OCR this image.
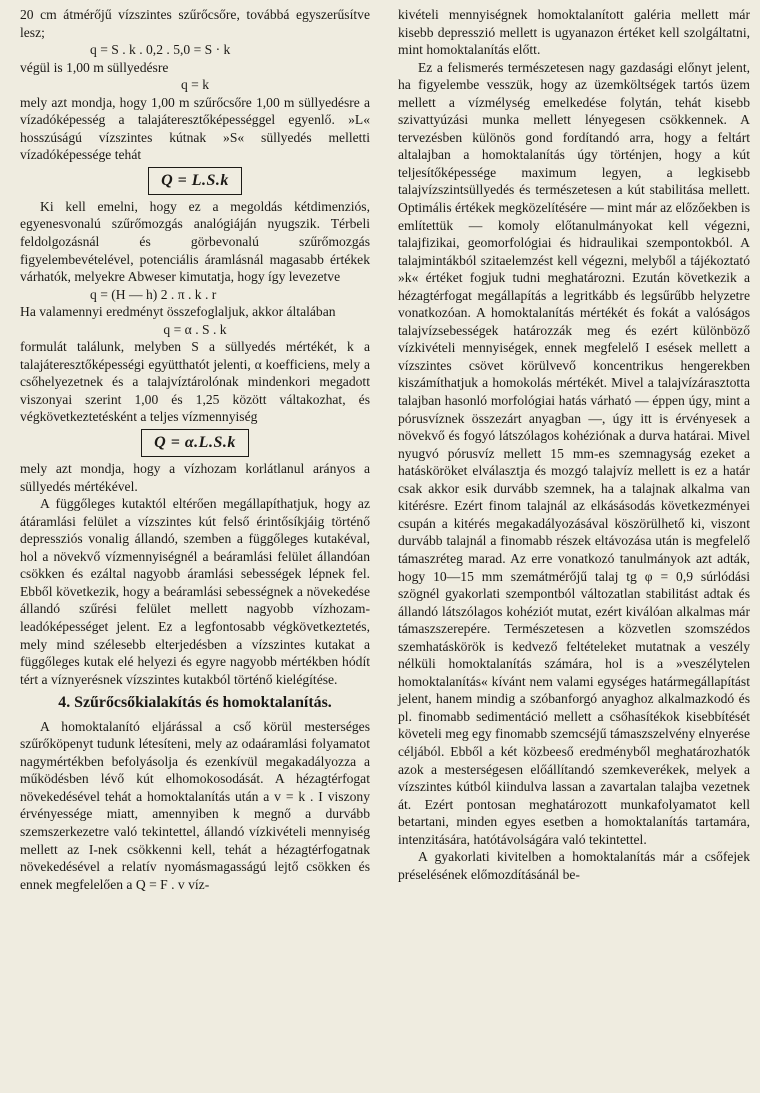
20 cm átmérőjű vízszintes szűrőcsőre, továbbá egyszerűsítve lesz;

q = S . k . 0,2 . 5,0 = S · k

végül is 1,00 m süllyedésre

q = k

mely azt mondja, hogy 1,00 m szűrőcsőre 1,00 m süllyedésre a vízadóképesség a talajáteresztőképességgel egyenlő. »L« hosszúságú vízszintes kútnak »S« süllyedés melletti vízadóképessége tehát

Q = L.S.k

Ki kell emelni, hogy ez a megoldás kétdimenziós, egyenesvonalú szűrőmozgás analógiáján nyugszik. Térbeli feldolgozásnál és görbevonalú szűrőmozgás figyelembevételével, potenciális áramlásnál magasabb értékek várhatók, melyekre Abweser kimutatja, hogy így levezetve

q = (H — h) 2 . π . k . r

Ha valamennyi eredményt összefoglaljuk, akkor általában

q = α . S . k

formulát találunk, melyben S a süllyedés mértékét, k a talajáteresztőképességi együtthatót jelenti, α koefficiens, mely a csőhelyezetnek és a talajvíztárolónak mindenkori megadott viszonyai szerint 1,00 és 1,25 között váltakozhat, és végkövetkeztetésként a teljes vízmennyiség

Q = α.L.S.k

mely azt mondja, hogy a vízhozam korlátlanul arányos a süllyedés mértékével.

A függőleges kutaktól eltérően megállapíthatjuk, hogy az átáramlási felület a vízszintes kút felső érintősíkjáig történő depressziós vonalig állandó, szemben a függőleges kutakéval, hol a növekvő vízmennyiségnél a beáramlási felület állandóan csökken és ezáltal nagyobb áramlási sebességek lépnek fel. Ebből következik, hogy a beáramlási sebességnek a növekedése állandó szűrési felület mellett nagyobb vízhozam-leadóképességet jelent. Ez a legfontosabb végkövetkeztetés, mely mind szélesebb elterjedésben a vízszintes kutakat a függőleges kutak elé helyezi és egyre nagyobb mértékben hódít tért a víznyerésnek vízszintes kutakból történő kielégítése.

4. Szűrőcsőkialakítás és homoktalanítás.

A homoktalanító eljárással a cső körül mesterséges szűrőköpenyt tudunk létesíteni, mely az odaáramlási folyamatot nagymértékben befolyásolja és ezenkívül megakadályozza a működésben lévő kút elhomokosodását. A hézagtérfogat növekedésével tehát a homoktalanítás után a v = k . I viszony érvényessége miatt, amennyiben k megnő a durvább szemszerkezetre való tekintettel, állandó vízkivételi mennyiség mellett az I-nek csökkenni kell, tehát a hézagtérfogatnak növekedésével a relatív nyomásmagasságú lejtő csökken és ennek megfelelően a Q = F . v víz-

kivételi mennyiségnek homoktalanított galéria mellett már kisebb depresszió mellett is ugyanazon értéket kell szolgáltatni, mint homoktalanítás előtt.

Ez a felismerés természetesen nagy gazdasági előnyt jelent, ha figyelembe vesszük, hogy az üzemköltségek tartós üzem mellett a vízmélység emelkedése folytán, tehát kisebb szivattyúzási munka mellett lényegesen csökkennek. A tervezésben különös gond fordítandó arra, hogy a feltárt altalajban a homoktalanítás úgy történjen, hogy a kút teljesítőképessége maximum legyen, a legkisebb talajvízszintsüllyedés és természetesen a kút stabilitása mellett. Optimális értékek megközelítésére — mint már az előzőekben is említettük — komoly előtanulmányokat kell végezni, talajfizikai, geomorfológiai és hidraulikai szempontokból. A talajmintákból szitaelemzést kell végezni, melyből a tájékoztató »k« értéket fogjuk tudni meghatározni. Ezután következik a hézagtérfogat megállapítás a legritkább és legsűrűbb helyzetre vonatkozóan. A homoktalanítás mértékét és fokát a valóságos talajvízsebességek határozzák meg és ezért különböző vízkivételi mennyiségek, ennek megfelelő I esések mellett a vízszintes csövet körülvevő koncentrikus hengerekben kiszámíthatjuk a homokolás mértékét. Mivel a talajvízárasztotta talajban hasonló morfológiai hatás várható — éppen úgy, mint a pórusvíznek összezárt anyagban —, úgy itt is érvényesek a növekvő és fogyó látszólagos kohéziónak a durva határai. Mivel nyugvó pórusvíz mellett 15 mm-es szemnagyság ezeket a hatásköröket elválasztja és mozgó talajvíz mellett is ez a határ csak akkor esik durvább szemnek, ha a talajnak alkalma van kitérésre. Ezért finom talajnál az elkásásodás következményei csupán a kitérés megakadályozásával köszörülhető ki, viszont durvább talajnál a finomabb részek eltávozása után is megfelelő támaszréteg marad. Az erre vonatkozó tanulmányok azt adták, hogy 10—15 mm szemátmérőjű talaj tg φ = 0,9 súrlódási szögnél gyakorlati szempontból változatlan stabilitást adtak és állandó látszólagos kohéziót mutat, ezért kiválóan alkalmas már támaszszerepére. Természetesen a közvetlen szomszédos szemhatáskörök is kedvező feltételeket mutatnak a veszély nélküli homoktalanítás számára, hol is a »veszélytelen homoktalanítás« kívánt nem valami egységes határmegállapítást jelent, hanem mindig a szóbanforgó anyaghoz alkalmazkodó és pl. finomabb sedimentáció mellett a csőhasítékok kisebbítését követeli meg egy finomabb szemcséjű támaszszelvény elnyerése céljából. Ebből a két közbeeső eredményből meghatározhatók azok a mesterségesen előállítandó szemkeverékek, melyek a vízszintes kútból kiindulva lassan a zavartalan talajba vezetnek át. Ezért pontosan meghatározott munkafolyamatot kell betartani, minden egyes esetben a homoktalanítás tartamára, intenzitására, hatótávolságára való tekintettel.

A gyakorlati kivitelben a homoktalanítás már a csőfejek préselésének előmozdításánál be-
